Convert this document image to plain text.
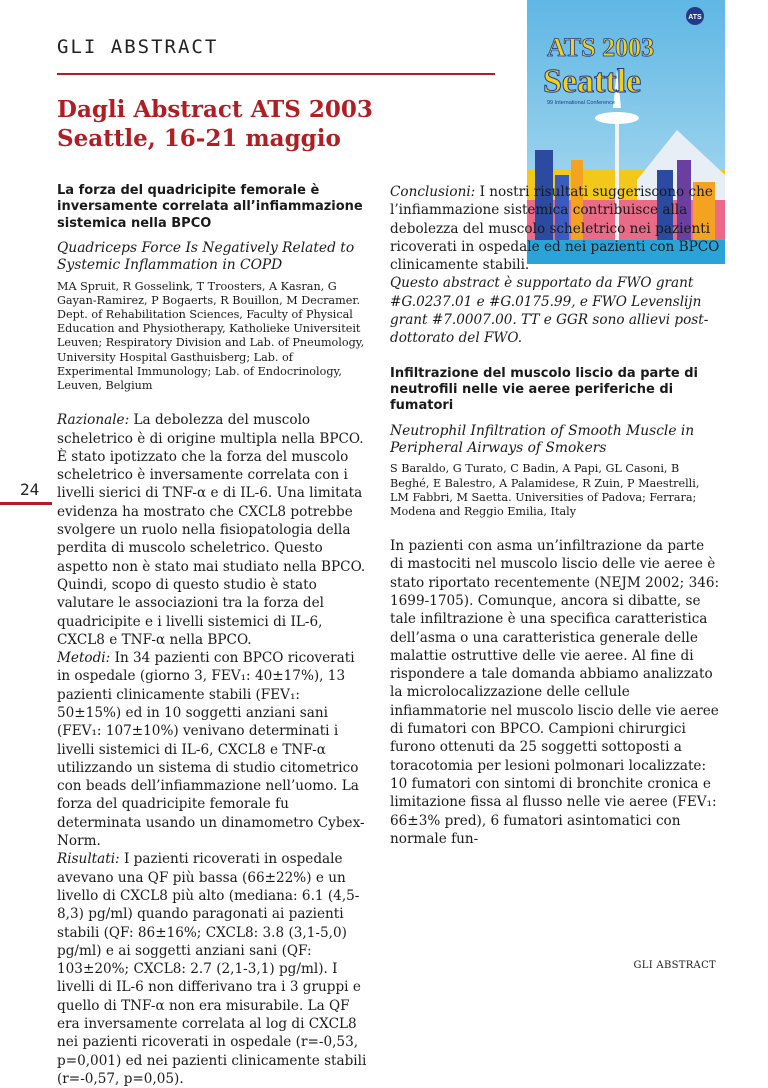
GLI ABSTRACT
Dagli Abstract ATS 2003
Seattle, 16-21 maggio
ATS
ATS 2003
Seattle
99 International Conference
24
La forza del quadricipite femorale è inversamente correlata all’infiammazione sistemica nella BPCO
Quadriceps Force Is Negatively Related to Systemic Inflammation in COPD
MA Spruit, R Gosselink, T Troosters, A Kasran, G Gayan-Ramirez, P Bogaerts, R Bouillon, M Decramer. Dept. of Rehabilitation Sciences, Faculty of Physical Education and Physiotherapy, Katholieke Universiteit Leuven; Respiratory Division and Lab. of Pneumology, University Hospital Gasthuisberg; Lab. of Experimental Immunology; Lab. of Endocrinology, Leuven, Belgium

Razionale: La debolezza del muscolo scheletrico è di origine multipla nella BPCO. È stato ipotizzato che la forza del muscolo scheletrico è inversamente correlata con i livelli sierici di TNF-α e di IL-6. Una limitata evidenza ha mostrato che CXCL8 potrebbe svolgere un ruolo nella fisiopatologia della perdita di muscolo scheletrico. Questo aspetto non è stato mai studiato nella BPCO. Quindi, scopo di questo studio è stato valutare le associazioni tra la forza del quadricipite e i livelli sistemici di IL-6, CXCL8 e TNF-α nella BPCO.

Metodi: In 34 pazienti con BPCO ricoverati in ospedale (giorno 3, FEV₁: 40±17%), 13 pazienti clinicamente stabili (FEV₁: 50±15%) ed in 10 soggetti anziani sani (FEV₁: 107±10%) venivano determinati i livelli sistemici di IL-6, CXCL8 e TNF-α utilizzando un sistema di studio citometrico con beads dell’infiammazione nell’uomo. La forza del quadricipite femorale fu determinata usando un dinamometro Cybex-Norm.

Risultati: I pazienti ricoverati in ospedale avevano una QF più bassa (66±22%) e un livello di CXCL8 più alto (mediana: 6.1 (4,5-8,3) pg/ml) quando paragonati ai pazienti stabili (QF: 86±16%; CXCL8: 3.8 (3,1-5,0) pg/ml) e ai soggetti anziani sani (QF: 103±20%; CXCL8: 2.7 (2,1-3,1) pg/ml). I livelli di IL-6 non differivano tra i 3 gruppi e quello di TNF-α non era misurabile. La QF era inversamente correlata al log di CXCL8 nei pazienti ricoverati in ospedale (r=-0,53, p=0,001) ed nei pazienti clinicamente stabili (r=-0,57, p=0,05).

Conclusioni: I nostri risultati suggeriscono che l’infiammazione sistemica contribuisce alla debolezza del muscolo scheletrico nei pazienti ricoverati in ospedale ed nei pazienti con BPCO clinicamente stabili.

Questo abstract è supportato da FWO grant #G.0237.01 e #G.0175.99, e FWO Levenslijn grant #7.0007.00. TT e GGR sono allievi post-dottorato del FWO.

Infiltrazione del muscolo liscio da parte di neutrofili nelle vie aeree periferiche di fumatori
Neutrophil Infiltration of Smooth Muscle in Peripheral Airways of Smokers
S Baraldo, G Turato, C Badin, A Papi, GL Casoni, B Beghé, E Balestro, A Palamidese, R Zuin, P Maestrelli, LM Fabbri, M Saetta. Universities of Padova; Ferrara; Modena and Reggio Emilia, Italy

In pazienti con asma un’infiltrazione da parte di mastociti nel muscolo liscio delle vie aeree è stato riportato recentemente (NEJM 2002; 346: 1699-1705). Comunque, ancora si dibatte, se tale infiltrazione è una specifica caratteristica dell’asma o una caratteristica generale delle malattie ostruttive delle vie aeree. Al fine di rispondere a tale domanda abbiamo analizzato la microlocalizzazione delle cellule infiammatorie nel muscolo liscio delle vie aeree di fumatori con BPCO. Campioni chirurgici furono ottenuti da 25 soggetti sottoposti a toracotomia per lesioni polmonari localizzate: 10 fumatori con sintomi di bronchite cronica e limitazione fissa al flusso nelle vie aeree (FEV₁: 66±3% pred), 6 fumatori asintomatici con normale fun-

GLI ABSTRACT
